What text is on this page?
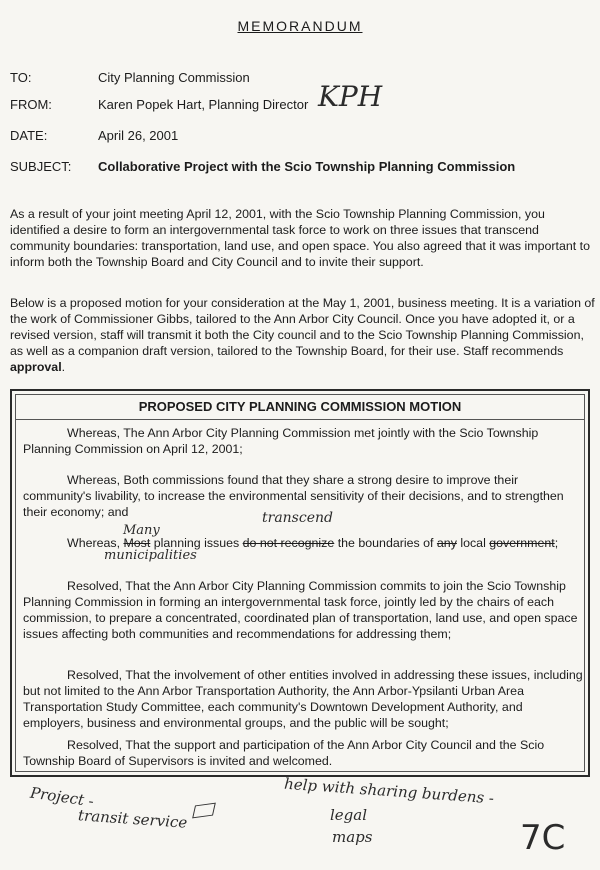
MEMORANDUM
TO:	City Planning Commission
FROM:	Karen Popek Hart, Planning Director KPH
DATE:	April 26, 2001
SUBJECT:	Collaborative Project with the Scio Township Planning Commission
As a result of your joint meeting April 12, 2001, with the Scio Township Planning Commission, you identified a desire to form an intergovernmental task force to work on three issues that transcend community boundaries: transportation, land use, and open space. You also agreed that it was important to inform both the Township Board and City Council and to invite their support.
Below is a proposed motion for your consideration at the May 1, 2001, business meeting. It is a variation of the work of Commissioner Gibbs, tailored to the Ann Arbor City Council. Once you have adopted it, or a revised version, staff will transmit it both the City council and to the Scio Township Planning Commission, as well as a companion draft version, tailored to the Township Board, for their use. Staff recommends approval.
PROPOSED CITY PLANNING COMMISSION MOTION
Whereas, The Ann Arbor City Planning Commission met jointly with the Scio Township Planning Commission on April 12, 2001;
Whereas, Both commissions found that they share a strong desire to improve their community's livability, to increase the environmental sensitivity of their decisions, and to strengthen their economy; and
Whereas, Most planning issues do not recognize the boundaries of any local government;
Many
transcend
municipalities
Resolved, That the Ann Arbor City Planning Commission commits to join the Scio Township Planning Commission in forming an intergovernmental task force, jointly led by the chairs of each commission, to prepare a concentrated, coordinated plan of transportation, land use, and open space issues affecting both communities and recommendations for addressing them;
Resolved, That the involvement of other entities involved in addressing these issues, including but not limited to the Ann Arbor Transportation Authority, the Ann Arbor-Ypsilanti Urban Area Transportation Study Committee, each community's Downtown Development Authority, and employers, business and environmental groups, and the public will be sought;
Resolved, That the support and participation of the Ann Arbor City Council and the Scio Township Board of Supervisors is invited and welcomed.
Project -
transit service
help with sharing burdens -
legal
maps	7C
